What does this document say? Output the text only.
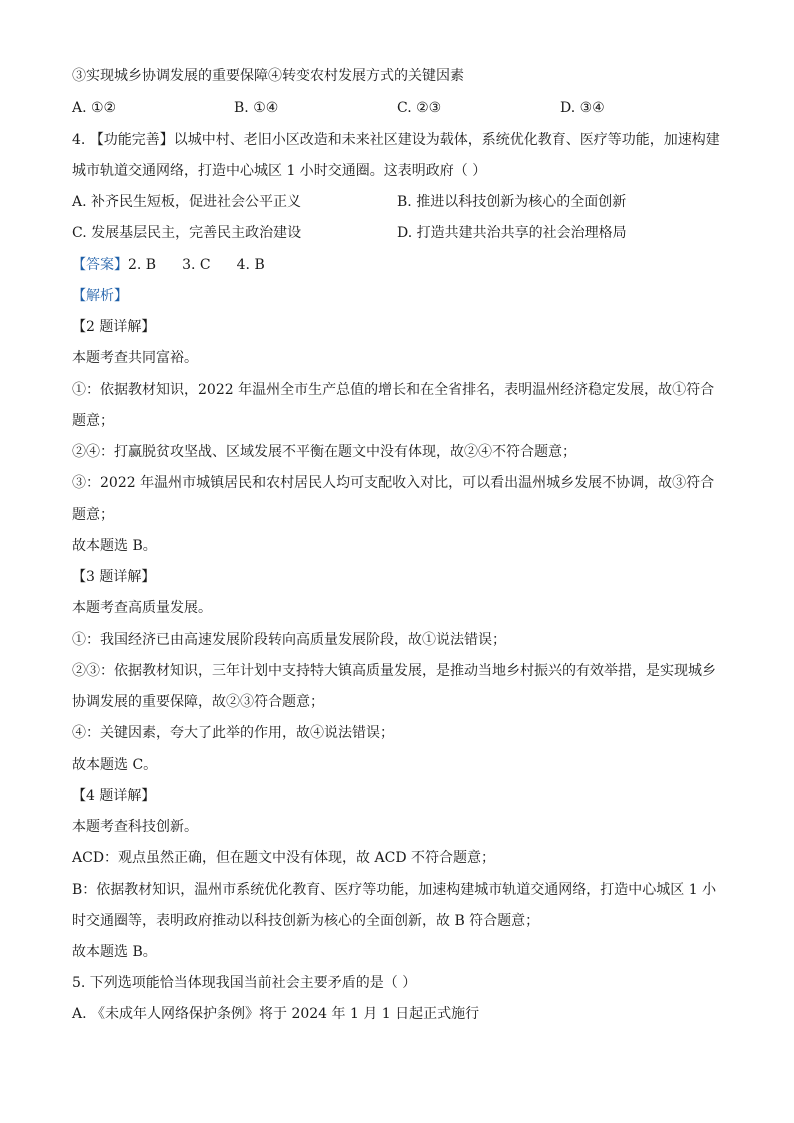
③实现城乡协调发展的重要保障④转变农村发展方式的关键因素
A. ①②	B. ①④	C. ②③	D. ③④
4. 【功能完善】以城中村、老旧小区改造和未来社区建设为载体，系统优化教育、医疗等功能，加速构建
城市轨道交通网络，打造中心城区 1 小时交通圈。这表明政府（ ）
A. 补齐民生短板，促进社会公平正义	B. 推进以科技创新为核心的全面创新
C. 发展基层民主，完善民主政治建设	D. 打造共建共治共享的社会治理格局
【答案】2. B 3. C 4. B
【解析】
【2 题详解】
本题考查共同富裕。
①：依据教材知识，2022 年温州全市生产总值的增长和在全省排名，表明温州经济稳定发展，故①符合
题意；
②④：打赢脱贫攻坚战、区域发展不平衡在题文中没有体现，故②④不符合题意；
③：2022 年温州市城镇居民和农村居民人均可支配收入对比，可以看出温州城乡发展不协调，故③符合
题意；
故本题选 B。
【3 题详解】
本题考查高质量发展。
①：我国经济已由高速发展阶段转向高质量发展阶段，故①说法错误；
②③：依据教材知识，三年计划中支持特大镇高质量发展，是推动当地乡村振兴的有效举措，是实现城乡
协调发展的重要保障，故②③符合题意；
④：关键因素，夸大了此举的作用，故④说法错误；
故本题选 C。
【4 题详解】
本题考查科技创新。
ACD：观点虽然正确，但在题文中没有体现，故 ACD 不符合题意；
B：依据教材知识，温州市系统优化教育、医疗等功能，加速构建城市轨道交通网络，打造中心城区 1 小
时交通圈等，表明政府推动以科技创新为核心的全面创新，故 B 符合题意；
故本题选 B。
5. 下列选项能恰当体现我国当前社会主要矛盾的是（ ）
A. 《未成年人网络保护条例》将于 2024 年 1 月 1 日起正式施行
